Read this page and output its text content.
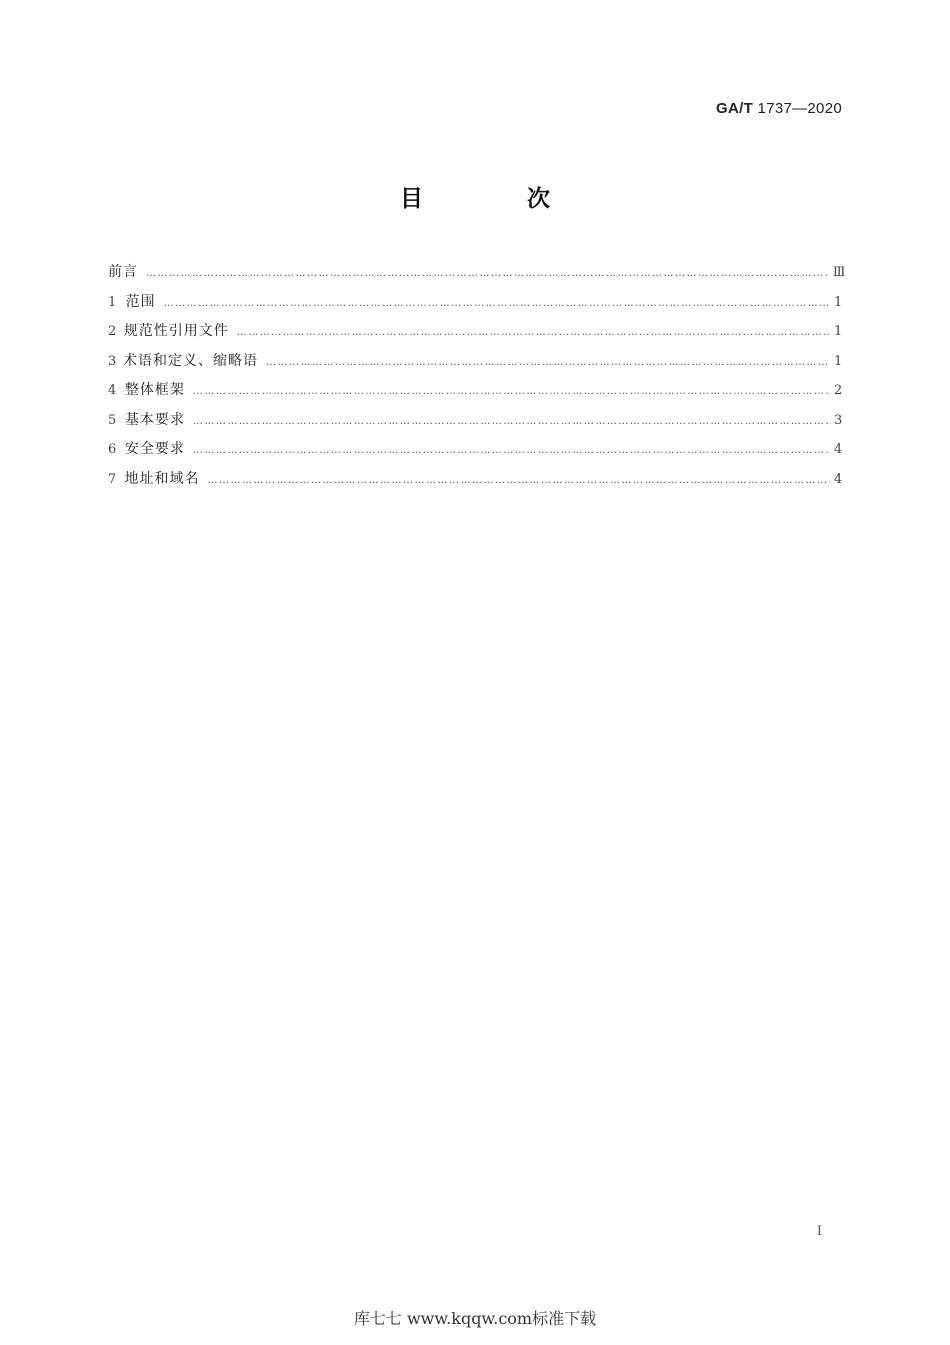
GA/T 1737—2020
目 次
前言 …………………………………………………………………………………………………………………………………………………………………………………………………………………………	Ⅲ
1 范围 …………………………………………………………………………………………………………………………………………………………………………………………………………………………	1
2 规范性引用文件 …………………………………………………………………………………………………………………………………………………………………………………………………………………………	1
3 术语和定义、缩略语 …………………………………………………………………………………………………………………………………………………………………………………………………………………………	1
4 整体框架 …………………………………………………………………………………………………………………………………………………………………………………………………………………………	2
5 基本要求 …………………………………………………………………………………………………………………………………………………………………………………………………………………………	3
6 安全要求 …………………………………………………………………………………………………………………………………………………………………………………………………………………………	4
7 地址和域名 …………………………………………………………………………………………………………………………………………………………………………………………………………………………	4
I
库七七 www.kqqw.com标准下载
